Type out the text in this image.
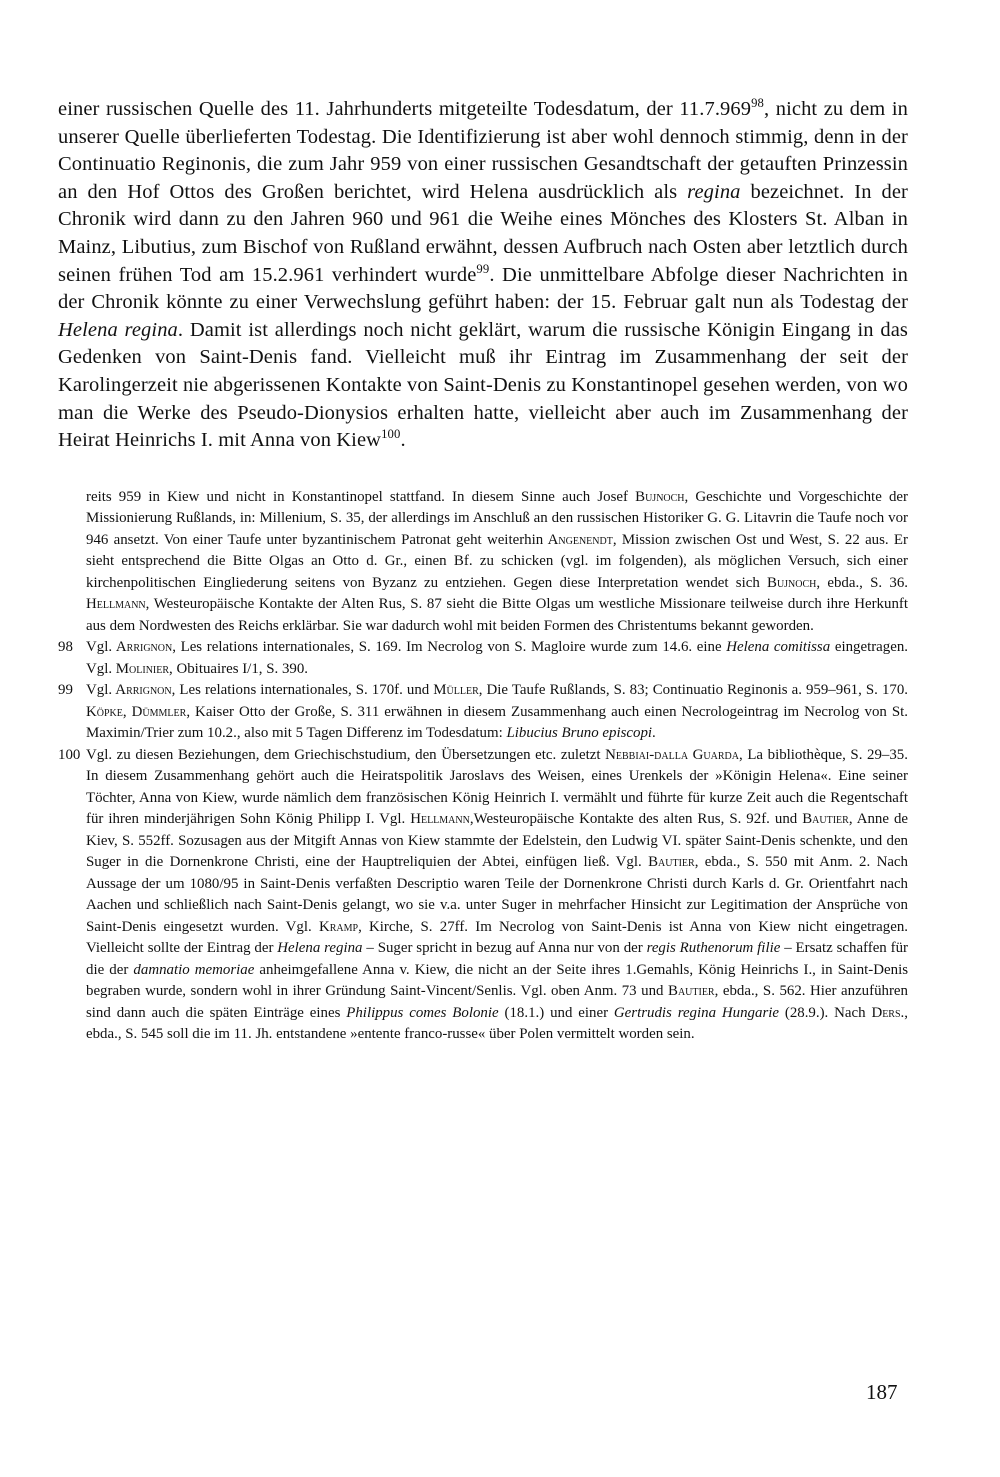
einer russischen Quelle des 11. Jahrhunderts mitgeteilte Todesdatum, der 11.7.969$^{98}$, nicht zu dem in unserer Quelle überlieferten Todestag. Die Identifizierung ist aber wohl dennoch stimmig, denn in der Continuatio Reginonis, die zum Jahr 959 von einer russischen Gesandtschaft der getauften Prinzessin an den Hof Ottos des Großen berichtet, wird Helena ausdrücklich als regina bezeichnet. In der Chronik wird dann zu den Jahren 960 und 961 die Weihe eines Mönches des Klosters St. Alban in Mainz, Libutius, zum Bischof von Rußland erwähnt, dessen Aufbruch nach Osten aber letztlich durch seinen frühen Tod am 15.2.961 verhindert wurde$^{99}$. Die unmittelbare Abfolge dieser Nachrichten in der Chronik könnte zu einer Verwechslung geführt haben: der 15. Februar galt nun als Todestag der Helena regina. Damit ist allerdings noch nicht geklärt, warum die russische Königin Eingang in das Gedenken von Saint-Denis fand. Vielleicht muß ihr Eintrag im Zusammenhang der seit der Karolingerzeit nie abgerissenen Kontakte von Saint-Denis zu Konstantinopel gesehen werden, von wo man die Werke des Pseudo-Dionysios erhalten hatte, vielleicht aber auch im Zusammenhang der Heirat Heinrichs I. mit Anna von Kiew$^{100}$.

reits 959 in Kiew und nicht in Konstantinopel stattfand. In diesem Sinne auch Josef Bujnoch, Geschichte und Vorgeschichte der Missionierung Rußlands, in: Millenium, S. 35, der allerdings im Anschluß an den russischen Historiker G. G. Litavrin die Taufe noch vor 946 ansetzt. Von einer Taufe unter byzantinischem Patronat geht weiterhin Angenendt, Mission zwischen Ost und West, S. 22 aus. Er sieht entsprechend die Bitte Olgas an Otto d. Gr., einen Bf. zu schicken (vgl. im folgenden), als möglichen Versuch, sich einer kirchenpolitischen Eingliederung seitens von Byzanz zu entziehen. Gegen diese Interpretation wendet sich Bujnoch, ebda., S. 36. Hellmann, Westeuropäische Kontakte der Alten Rus, S. 87 sieht die Bitte Olgas um westliche Missionare teilweise durch ihre Herkunft aus dem Nordwesten des Reichs erklärbar. Sie war dadurch wohl mit beiden Formen des Christentums bekannt geworden.
98 Vgl. Arrignon, Les relations internationales, S. 169. Im Necrolog von S. Magloire wurde zum 14.6. eine Helena comitissa eingetragen. Vgl. Molinier, Obituaires I/1, S. 390.
99 Vgl. Arrignon, Les relations internationales, S. 170f. und Müller, Die Taufe Rußlands, S. 83; Continuatio Reginonis a. 959–961, S. 170. Köpke, Dümmler, Kaiser Otto der Große, S. 311 erwähnen in diesem Zusammenhang auch einen Necrologeintrag im Necrolog von St. Maximin/Trier zum 10.2., also mit 5 Tagen Differenz im Todesdatum: Libucius Bruno episcopi.
100 Vgl. zu diesen Beziehungen, dem Griechischstudium, den Übersetzungen etc. zuletzt Nebbiai-dalla Guarda, La bibliothèque, S. 29–35. In diesem Zusammenhang gehört auch die Heiratspolitik Jaroslavs des Weisen, eines Urenkels der »Königin Helena«. Eine seiner Töchter, Anna von Kiew, wurde nämlich dem französischen König Heinrich I. vermählt und führte für kurze Zeit auch die Regentschaft für ihren minderjährigen Sohn König Philipp I. Vgl. Hellmann,Westeuropäische Kontakte des alten Rus, S. 92f. und Bautier, Anne de Kiev, S. 552ff. Sozusagen aus der Mitgift Annas von Kiew stammte der Edelstein, den Ludwig VI. später Saint-Denis schenkte, und den Suger in die Dornenkrone Christi, eine der Hauptreliquien der Abtei, einfügen ließ. Vgl. Bautier, ebda., S. 550 mit Anm. 2. Nach Aussage der um 1080/95 in Saint-Denis verfaßten Descriptio waren Teile der Dornenkrone Christi durch Karls d. Gr. Orientfahrt nach Aachen und schließlich nach Saint-Denis gelangt, wo sie v.a. unter Suger in mehrfacher Hinsicht zur Legitimation der Ansprüche von Saint-Denis eingesetzt wurden. Vgl. Kramp, Kirche, S. 27ff. Im Necrolog von Saint-Denis ist Anna von Kiew nicht eingetragen. Vielleicht sollte der Eintrag der Helena regina – Suger spricht in bezug auf Anna nur von der regis Ruthenorum filie – Ersatz schaffen für die der damnatio memoriae anheimgefallene Anna v. Kiew, die nicht an der Seite ihres 1.Gemahls, König Heinrichs I., in Saint-Denis begraben wurde, sondern wohl in ihrer Gründung Saint-Vincent/Senlis. Vgl. oben Anm. 73 und Bautier, ebda., S. 562. Hier anzuführen sind dann auch die späten Einträge eines Philippus comes Bolonie (18.1.) und einer Gertrudis regina Hungarie (28.9.). Nach Ders., ebda., S. 545 soll die im 11. Jh. entstandene »entente franco-russe« über Polen vermittelt worden sein.
187
